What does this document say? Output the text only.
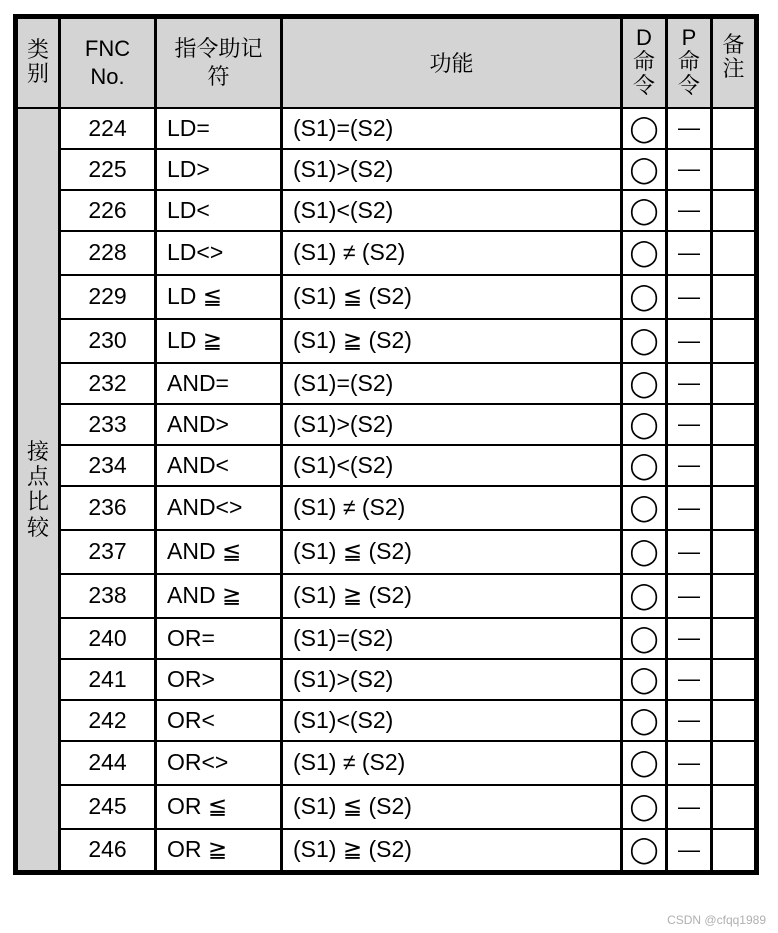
类别	FNC No.	指令助记符	功能	D命令	P命令	备注
接点比较	224	LD=	(S1)=(S2)	◯	—	
	225	LD>	(S1)>(S2)	◯	—	
	226	LD<	(S1)<(S2)	◯	—	
	228	LD<>	(S1) ≠ (S2)	◯	—	
	229	LD ≦	(S1) ≦ (S2)	◯	—	
	230	LD ≧	(S1) ≧ (S2)	◯	—	
	232	AND=	(S1)=(S2)	◯	—	
	233	AND>	(S1)>(S2)	◯	—	
	234	AND<	(S1)<(S2)	◯	—	
	236	AND<>	(S1) ≠ (S2)	◯	—	
	237	AND ≦	(S1) ≦ (S2)	◯	—	
	238	AND ≧	(S1) ≧ (S2)	◯	—	
	240	OR=	(S1)=(S2)	◯	—	
	241	OR>	(S1)>(S2)	◯	—	
	242	OR<	(S1)<(S2)	◯	—	
	244	OR<>	(S1) ≠ (S2)	◯	—	
	245	OR ≦	(S1) ≦ (S2)	◯	—	
	246	OR ≧	(S1) ≧ (S2)	◯	—	
CSDN @cfqq1989
